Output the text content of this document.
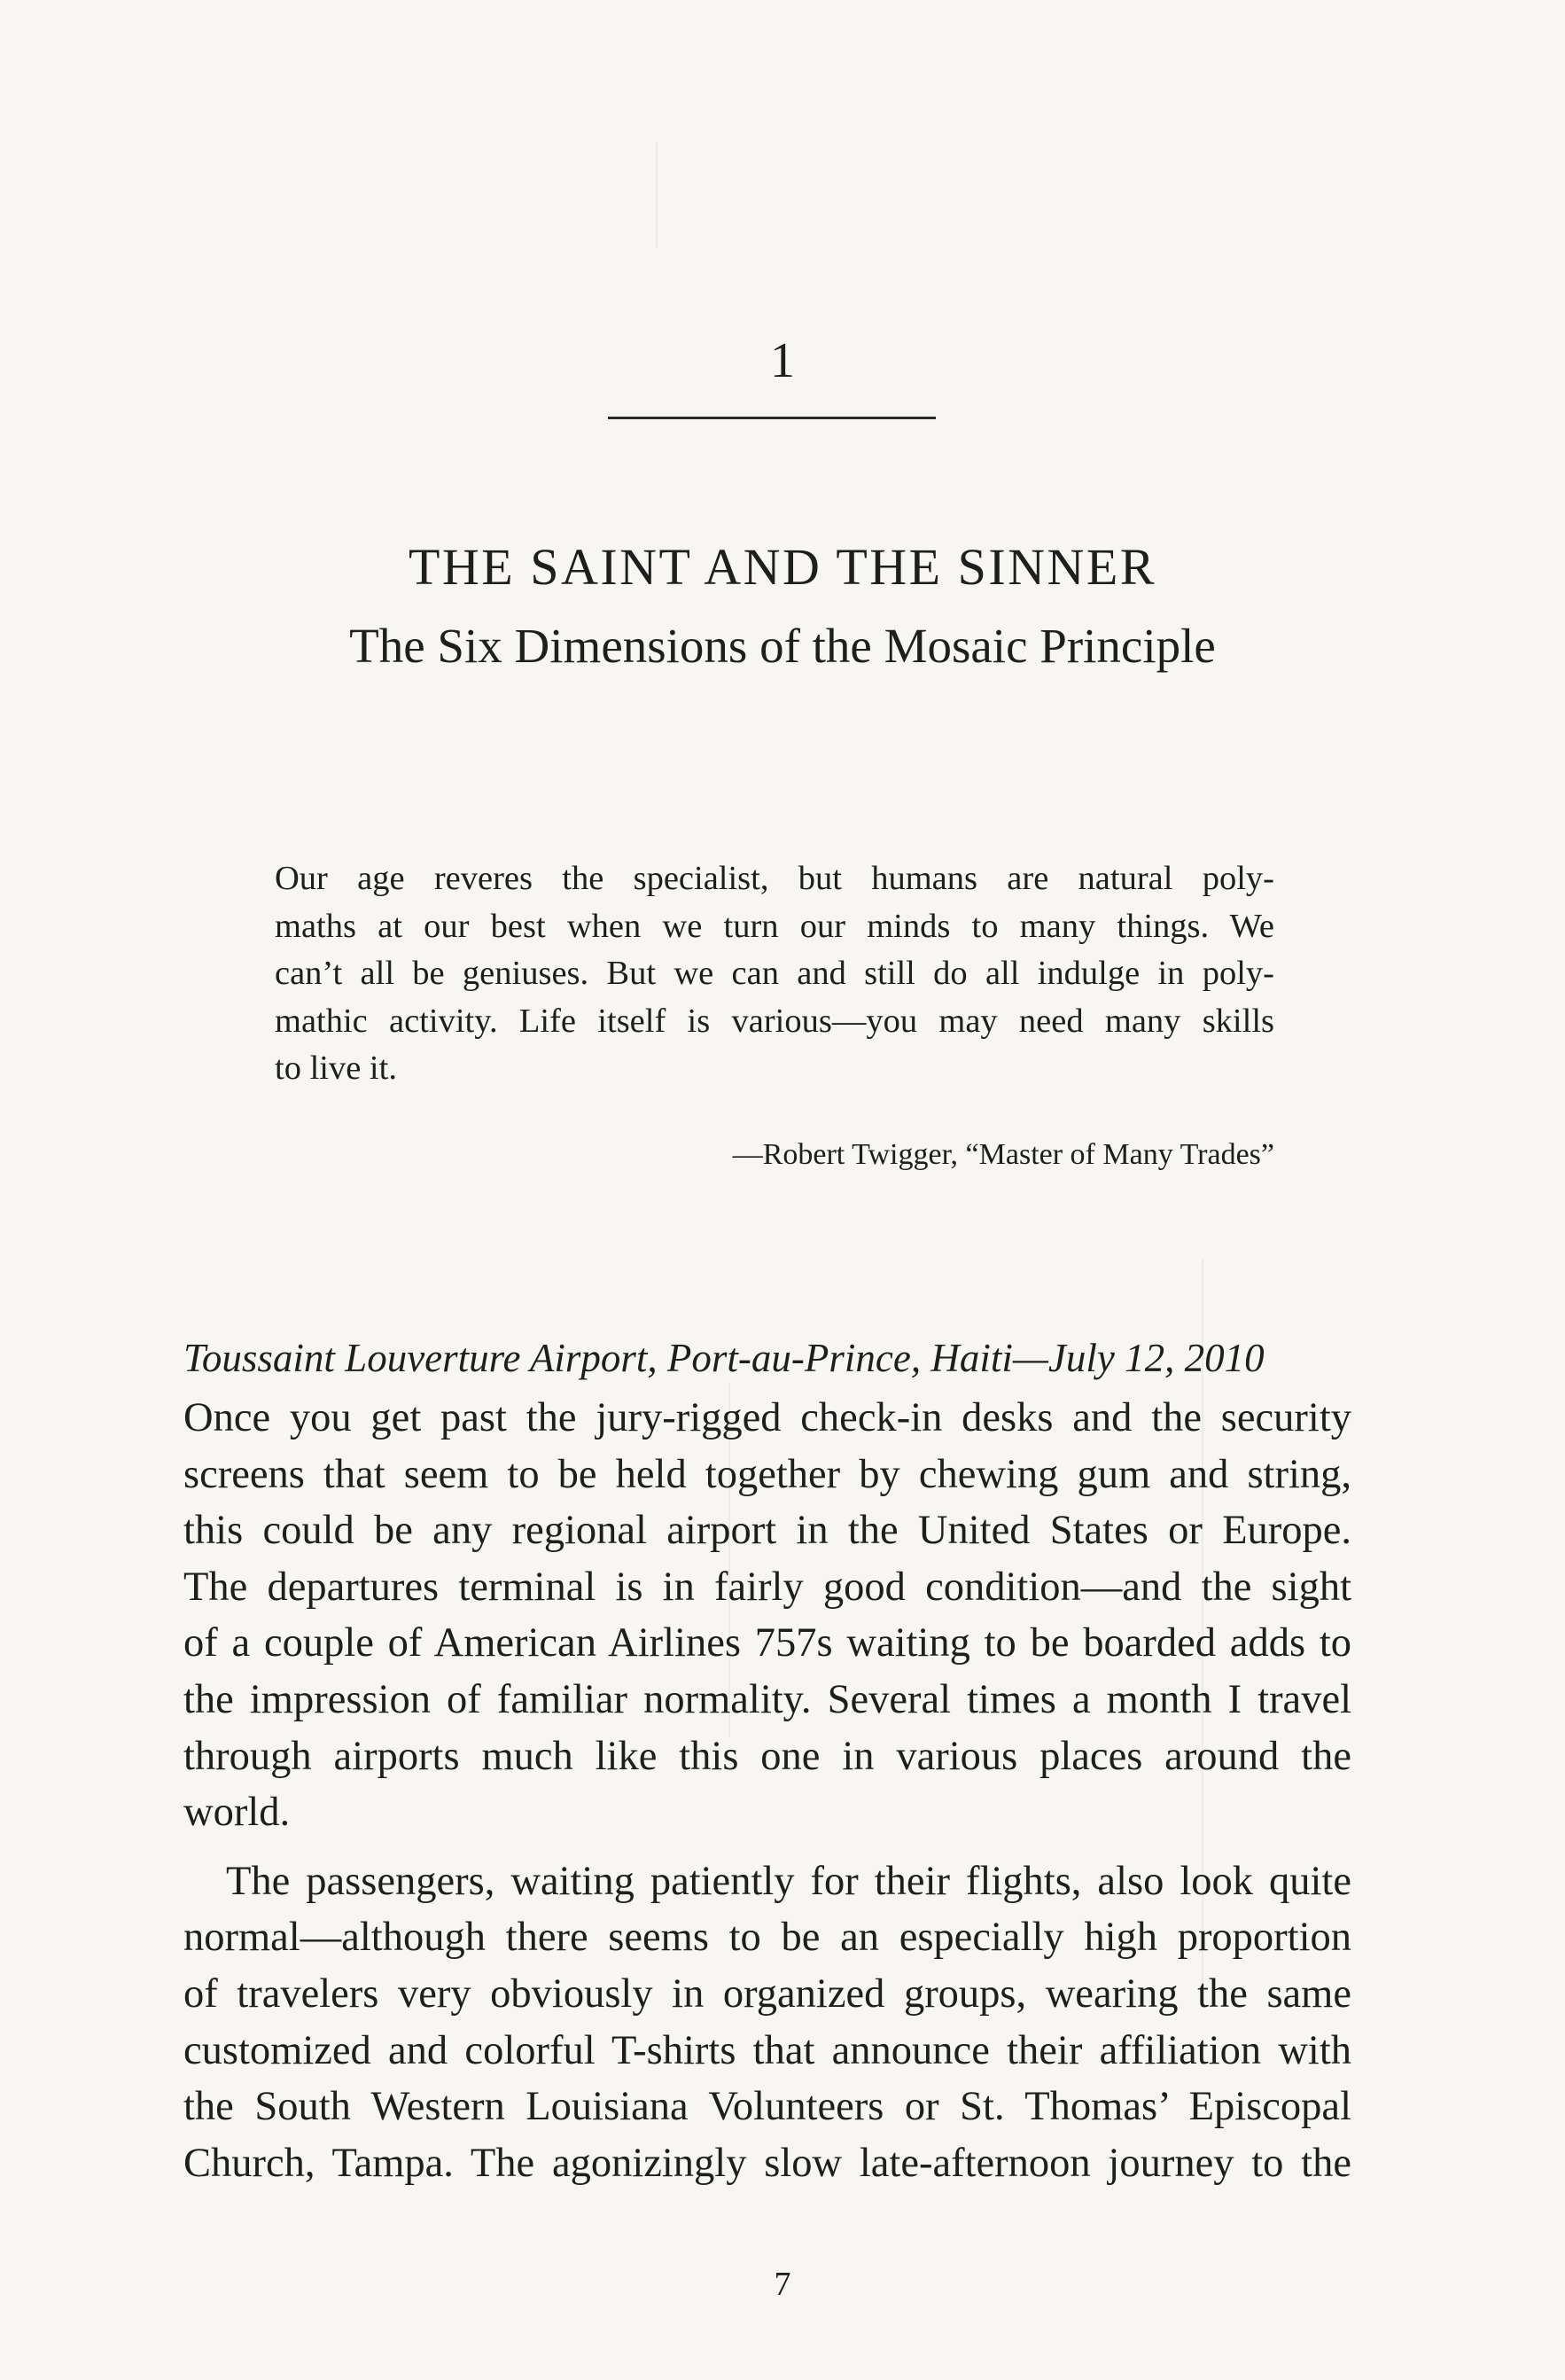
1
THE SAINT AND THE SINNER
The Six Dimensions of the Mosaic Principle
Our age reveres the specialist, but humans are natural poly-
maths at our best when we turn our minds to many things. We
can’t all be geniuses. But we can and still do all indulge in poly-
mathic activity. Life itself is various—you may need many skills
to live it.
—Robert Twigger, “Master of Many Trades”
Toussaint Louverture Airport, Port-au-Prince, Haiti—July 12, 2010
Once you get past the jury-rigged check-in desks and the security
screens that seem to be held together by chewing gum and string,
this could be any regional airport in the United States or Europe.
The departures terminal is in fairly good condition—and the sight
of a couple of American Airlines 757s waiting to be boarded adds to
the impression of familiar normality. Several times a month I travel
through airports much like this one in various places around the
world.
The passengers, waiting patiently for their flights, also look quite
normal—although there seems to be an especially high proportion
of travelers very obviously in organized groups, wearing the same
customized and colorful T-shirts that announce their affiliation with
the South Western Louisiana Volunteers or St. Thomas’ Episcopal
Church, Tampa. The agonizingly slow late-afternoon journey to the
7
